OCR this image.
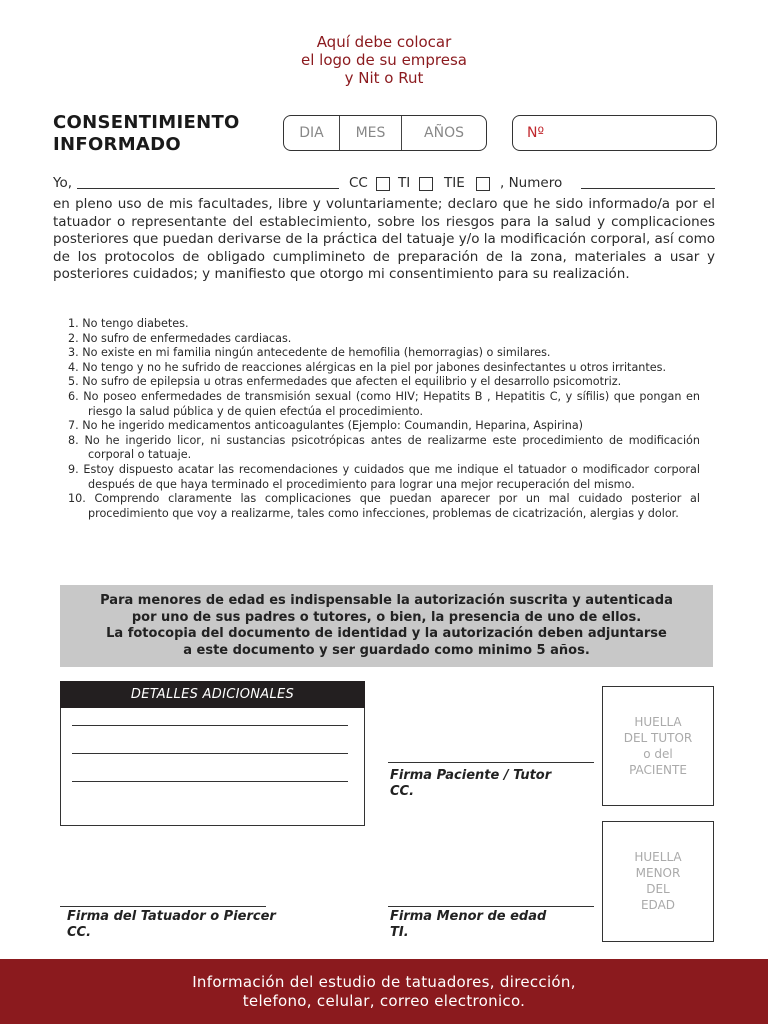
Aquí debe colocar
el logo de su empresa
y Nit o Rut
CONSENTIMIENTO
INFORMADO
DIA	MES	AÑOS	Nº
Yo,	CC TI	TIE	, Numero
en pleno uso de mis facultades, libre y voluntariamente; declaro que he sido informado/a por el tatuador o representante del establecimiento, sobre los riesgos para la salud y complicaciones posteriores que puedan derivarse de la práctica del tatuaje y/o la modificación corporal, así como de los protocolos de obligado cumplimineto de preparación de la zona, materiales a usar y posteriores cuidados; y manifiesto que otorgo mi consentimiento para su realización.
1. No tengo diabetes.
2. No sufro de enfermedades cardiacas.
3. No existe en mi familia ningún antecedente de hemofilia (hemorragias) o similares.
4. No tengo y no he sufrido de reacciones alérgicas en la piel por jabones desinfectantes u otros irritantes.
5. No sufro de epilepsia u otras enfermedades que afecten el equilibrio y el desarrollo psicomotriz.
6. No poseo enfermedades de transmisión sexual (como HIV; Hepatits B , Hepatitis C, y sífilis) que pongan en riesgo la salud pública y de quien efectúa el procedimiento.
7. No he ingerido medicamentos anticoagulantes (Ejemplo: Coumandin, Heparina, Aspirina)
8. No he ingerido licor, ni sustancias psicotrópicas antes de realizarme este procedimiento de modificación corporal o tatuaje.
9. Estoy dispuesto acatar las recomendaciones y cuidados que me indique el tatuador o modificador corporal después de que haya terminado el procedimiento para lograr una mejor recuperación del mismo.
10. Comprendo claramente las complicaciones que puedan aparecer por un mal cuidado posterior al procedimiento que voy a realizarme, tales como infecciones, problemas de cicatrización, alergias y dolor.
Para menores de edad es indispensable la autorización suscrita y autenticada
por uno de sus padres o tutores, o bien, la presencia de uno de ellos.
La fotocopia del documento de identidad y la autorización deben adjuntarse
a este documento y ser guardado como minimo 5 años.
DETALLES ADICIONALES
Firma Paciente / Tutor
CC.
HUELLA
DEL TUTOR
o del
PACIENTE
HUELLA
MENOR
DEL
EDAD
Firma del Tatuador o Piercer
CC.
Firma Menor de edad
TI.
Información del estudio de tatuadores, dirección,
telefono, celular, correo electronico.
